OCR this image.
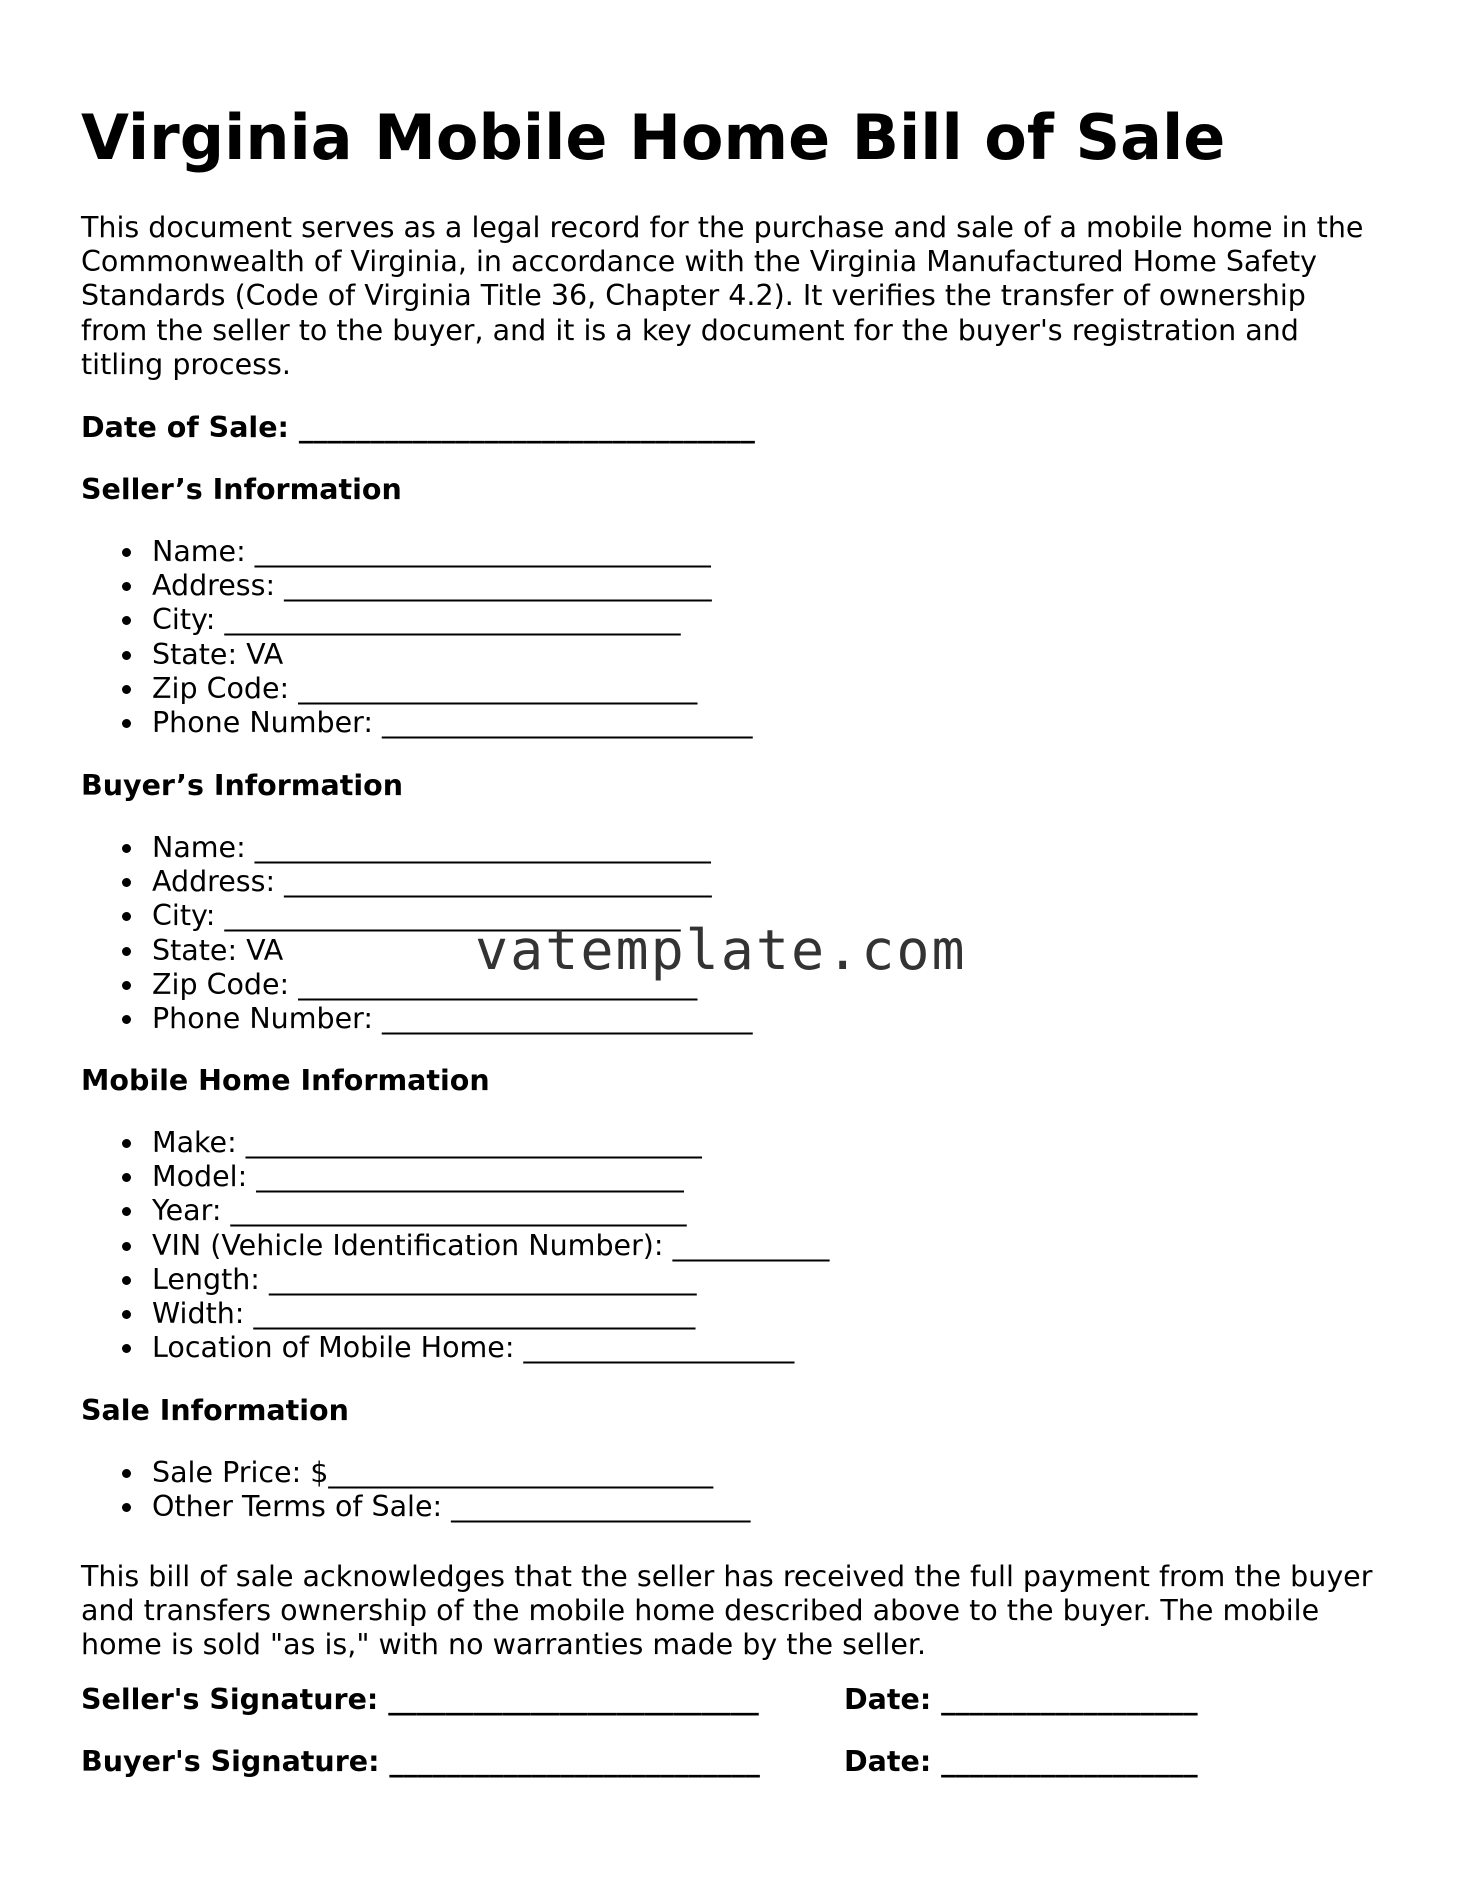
Virginia Mobile Home Bill of Sale

This document serves as a legal record for the purchase and sale of a mobile home in the Commonwealth of Virginia, in accordance with the Virginia Manufactured Home Safety Standards (Code of Virginia Title 36, Chapter 4.2). It verifies the transfer of ownership from the seller to the buyer, and it is a key document for the buyer's registration and titling process.

Date of Sale: ________________________________

Seller’s Information

Name: ________________________________
Address: ______________________________
City: ________________________________
State: VA
Zip Code: ____________________________
Phone Number: __________________________

Buyer’s Information

Name: ________________________________
Address: ______________________________
City: ________________________________
State: VA
Zip Code: ____________________________
Phone Number: __________________________

Mobile Home Information

Make: ________________________________
Model: ______________________________
Year: ________________________________
VIN (Vehicle Identification Number): ___________
Length: ______________________________
Width: _______________________________
Location of Mobile Home: ___________________

Sale Information

Sale Price: $___________________________
Other Terms of Sale: _____________________

This bill of sale acknowledges that the seller has received the full payment from the buyer and transfers ownership of the mobile home described above to the buyer. The mobile home is sold "as is," with no warranties made by the seller.

Seller's Signature: __________________________	Date: __________________
Buyer's Signature: __________________________	Date: __________________
vatemplate.com
